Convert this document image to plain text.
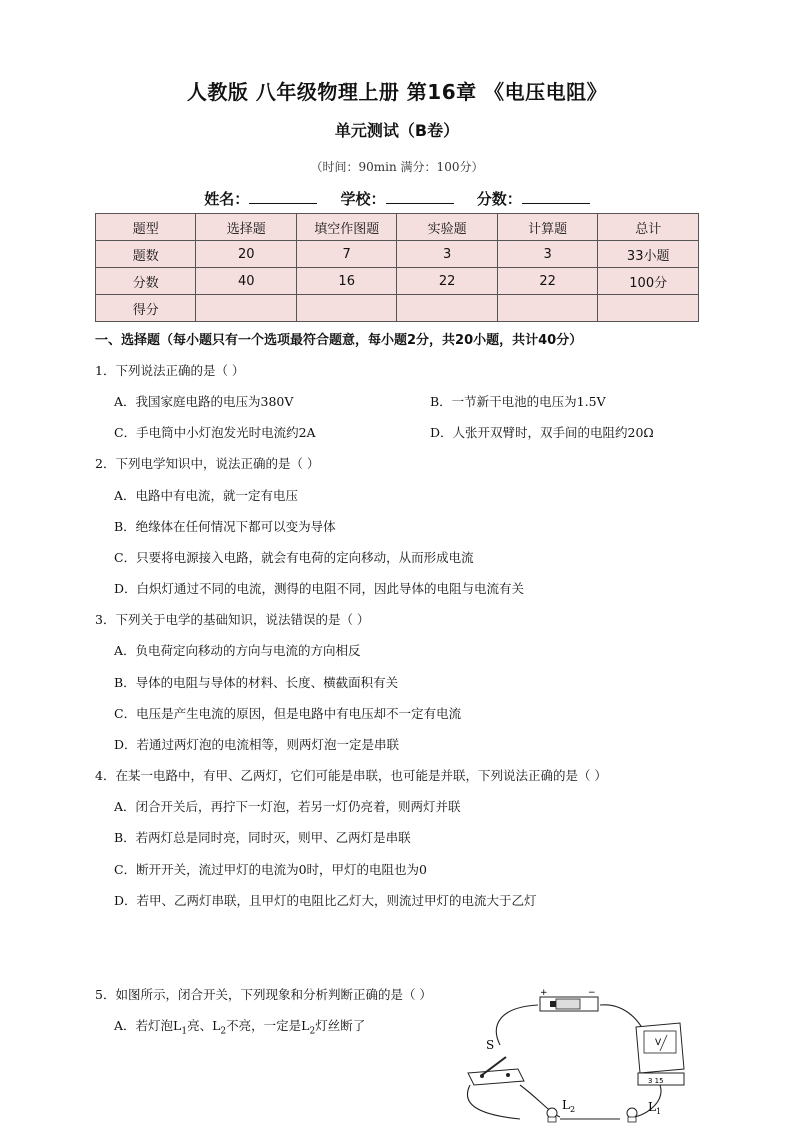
人教版 八年级物理上册 第16章 《电压电阻》
单元测试（B卷）
（时间：90min 满分：100分）
姓名：	学校：	分数：
题型	选择题	填空作图题	实验题	计算题	总计
题数	20	7	3	3	33小题
分数	40	16	22	22	100分
得分					
一、选择题（每小题只有一个选项最符合题意，每小题2分，共20小题，共计40分）
1．下列说法正确的是（ ）
A．我国家庭电路的电压为380V	B．一节新干电池的电压为1.5V
C．手电筒中小灯泡发光时电流约2A	D．人张开双臂时，双手间的电阻约20Ω
2．下列电学知识中，说法正确的是（ ）
A．电路中有电流，就一定有电压
B．绝缘体在任何情况下都可以变为导体
C．只要将电源接入电路，就会有电荷的定向移动，从而形成电流
D．白炽灯通过不同的电流，测得的电阻不同，因此导体的电阻与电流有关
3．下列关于电学的基础知识，说法错误的是（ ）
A．负电荷定向移动的方向与电流的方向相反
B．导体的电阻与导体的材料、长度、横截面积有关
C．电压是产生电流的原因，但是电路中有电压却不一定有电流
D．若通过两灯泡的电流相等，则两灯泡一定是串联
4．在某一电路中，有甲、乙两灯，它们可能是串联，也可能是并联，下列说法正确的是（ ）
A．闭合开关后，再拧下一灯泡，若另一灯仍亮着，则两灯并联
B．若两灯总是同时亮，同时灭，则甲、乙两灯是串联
C．断开开关，流过甲灯的电流为0时，甲灯的电阻也为0
D．若甲、乙两灯串联，且甲灯的电阻比乙灯大，则流过甲灯的电流大于乙灯
5．如图所示，闭合开关，下列现象和分析判断正确的是（ ）
A．若灯泡$L_1$亮、$L_2$不亮，一定是$L_2$灯丝断了
+	−
S	V
3 15
$L_2$	$L_1$
